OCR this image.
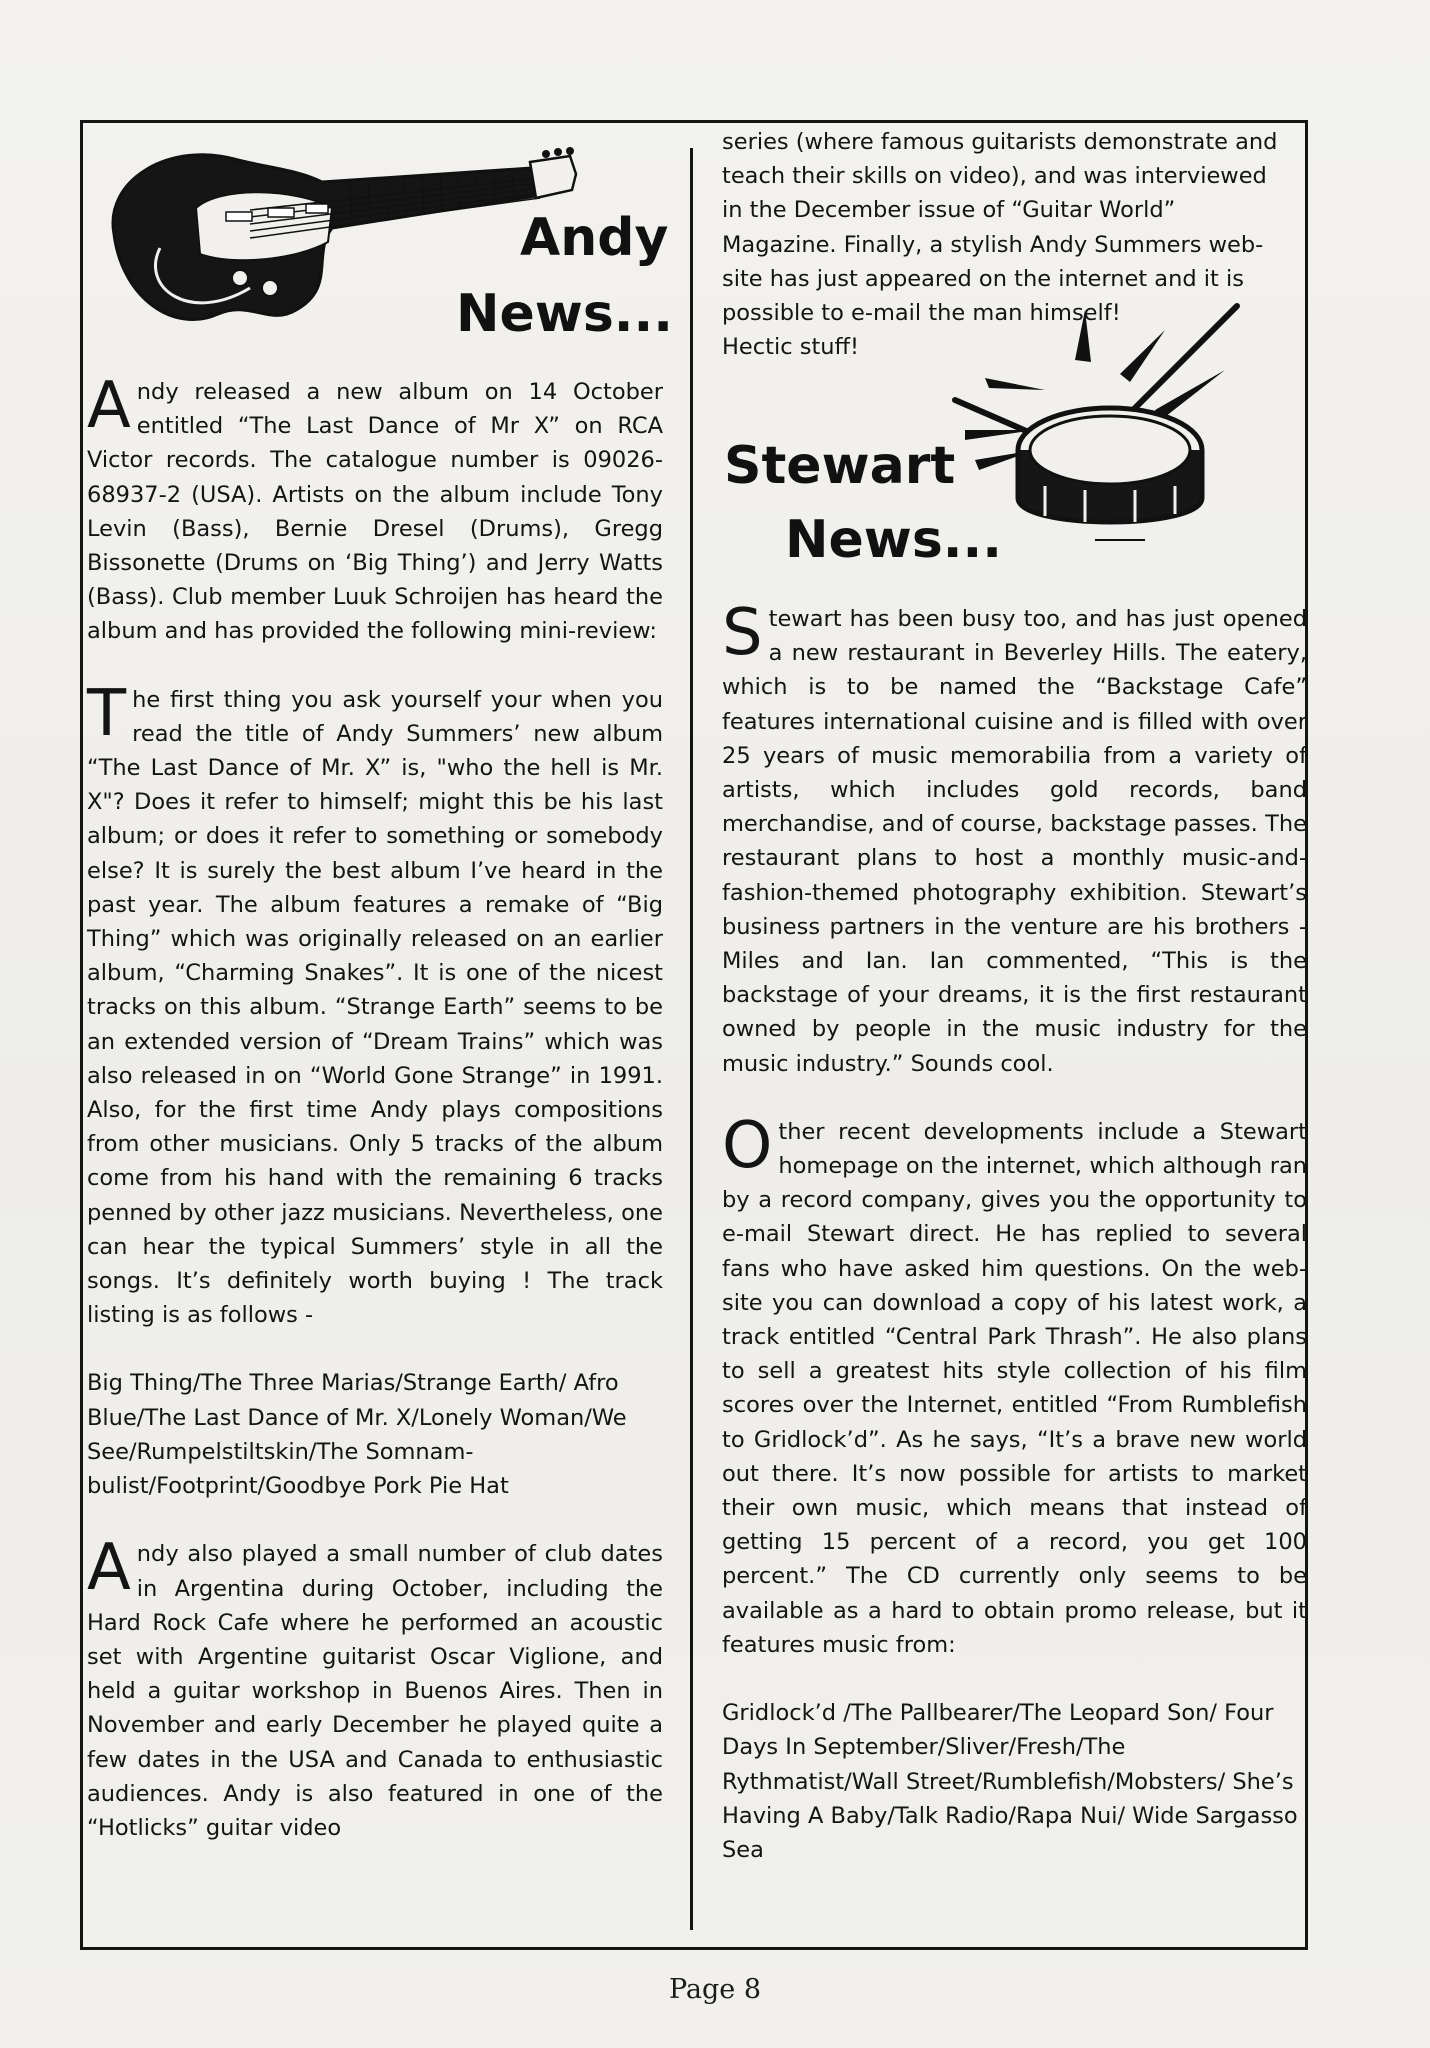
Andy
News...

Andy released a new album on 14 October entitled “The Last Dance of Mr X” on RCA Victor records. The catalogue number is 09026-68937-2 (USA). Artists on the album include Tony Levin (Bass), Bernie Dresel (Drums), Gregg Bissonette (Drums on ‘Big Thing’) and Jerry Watts (Bass). Club member Luuk Schroijen has heard the album and has provided the following mini-review:

The first thing you ask yourself your when you read the title of Andy Summers’ new album “The Last Dance of Mr. X” is, "who the hell is Mr. X"? Does it refer to himself; might this be his last album; or does it refer to something or somebody else? It is surely the best album I’ve heard in the past year. The album features a remake of “Big Thing” which was originally released on an earlier album, “Charming Snakes”. It is one of the nicest tracks on this album. “Strange Earth” seems to be an extended version of “Dream Trains” which was also released in on “World Gone Strange” in 1991. Also, for the first time Andy plays compositions from other musicians. Only 5 tracks of the album come from his hand with the remaining 6 tracks penned by other jazz musicians. Nevertheless, one can hear the typical Summers’ style in all the songs. It’s definitely worth buying ! The track listing is as follows -

Big Thing/The Three Marias/Strange Earth/ Afro Blue/The Last Dance of Mr. X/Lonely Woman/We See/Rumpelstiltskin/The Somnam- bulist/Footprint/Goodbye Pork Pie Hat

Andy also played a small number of club dates in Argentina during October, including the Hard Rock Cafe where he performed an acoustic set with Argentine guitarist Oscar Viglione, and held a guitar workshop in Buenos Aires. Then in November and early December he played quite a few dates in the USA and Canada to enthusiastic audiences. Andy is also featured in one of the “Hotlicks” guitar video

series (where famous guitarists demonstrate and teach their skills on video), and was interviewed in the December issue of “Guitar World” Magazine. Finally, a stylish Andy Summers web-site has just appeared on the internet and it is possible to e-mail the man himself!

Hectic stuff!

Stewart
News...

Stewart has been busy too, and has just opened a new restaurant in Beverley Hills. The eatery, which is to be named the “Backstage Cafe” features international cuisine and is filled with over 25 years of music memorabilia from a variety of artists, which includes gold records, band merchandise, and of course, backstage passes. The restaurant plans to host a monthly music-and-fashion-themed photography exhibition. Stewart’s business partners in the venture are his brothers - Miles and Ian. Ian commented, “This is the backstage of your dreams, it is the first restaurant owned by people in the music industry for the music industry.” Sounds cool.

Other recent developments include a Stewart homepage on the internet, which although ran by a record company, gives you the opportunity to e-mail Stewart direct. He has replied to several fans who have asked him questions. On the web-site you can download a copy of his latest work, a track entitled “Central Park Thrash”. He also plans to sell a greatest hits style collection of his film scores over the Internet, entitled “From Rumblefish to Gridlock’d”. As he says, “It’s a brave new world out there. It’s now possible for artists to market their own music, which means that instead of getting 15 percent of a record, you get 100 percent.” The CD currently only seems to be available as a hard to obtain promo release, but it features music from:

Gridlock’d /The Pallbearer/The Leopard Son/ Four Days In September/Sliver/Fresh/The Rythmatist/Wall Street/Rumblefish/Mobsters/ She’s Having A Baby/Talk Radio/Rapa Nui/ Wide Sargasso Sea

Page 8
